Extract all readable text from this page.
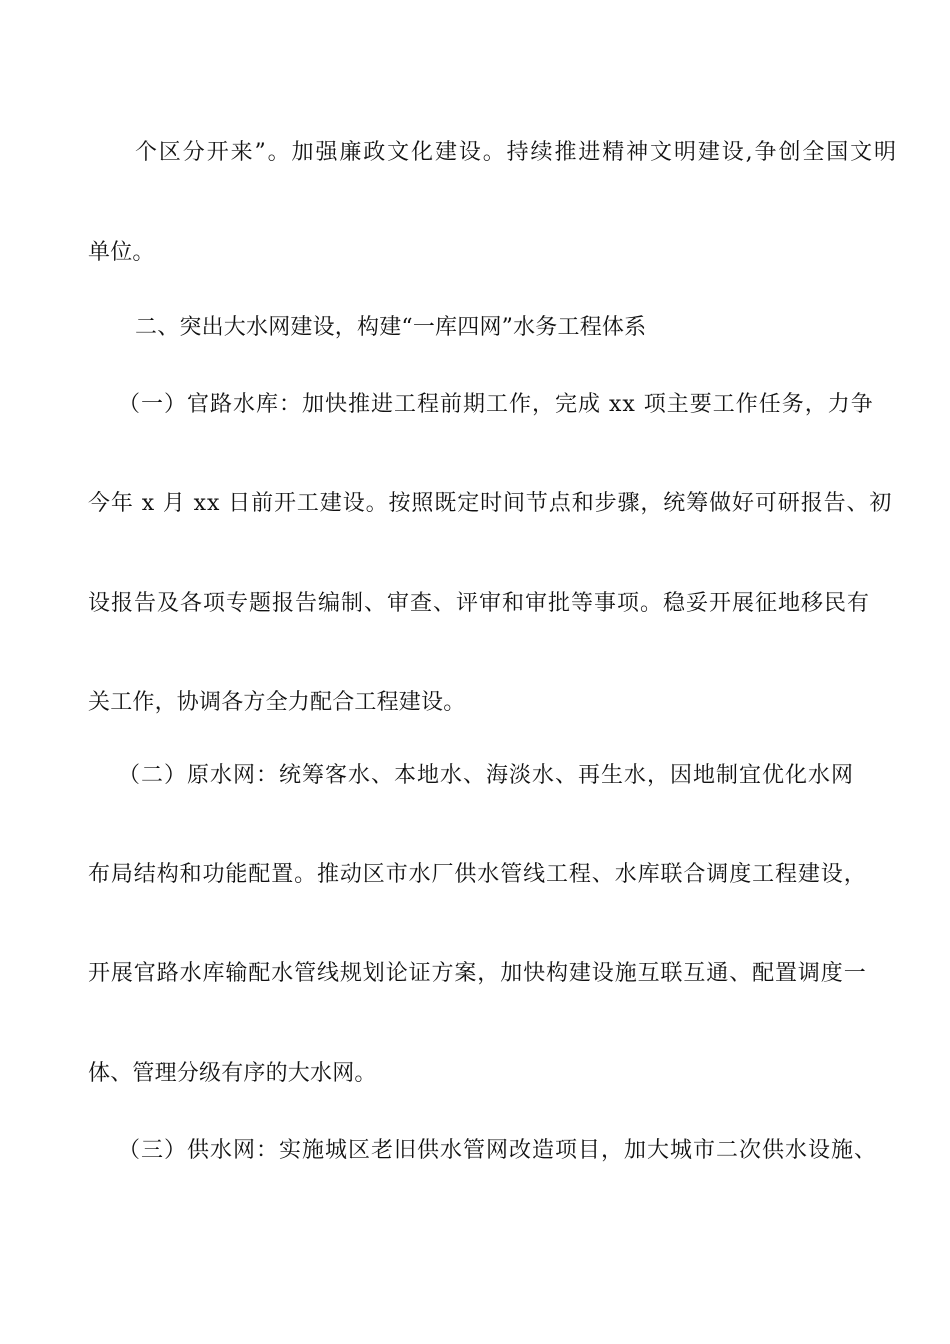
个区分开来”。加强廉政文化建设。持续推进精神文明建设,争创全国文明
单位。
二、突出大水网建设，构建“一库四网”水务工程体系
（一）官路水库：加快推进工程前期工作，完成 xx 项主要工作任务，力争
今年 x 月 xx 日前开工建设。按照既定时间节点和步骤，统筹做好可研报告、初
设报告及各项专题报告编制、审查、评审和审批等事项。稳妥开展征地移民有
关工作，协调各方全力配合工程建设。
（二）原水网：统筹客水、本地水、海淡水、再生水，因地制宜优化水网
布局结构和功能配置。推动区市水厂供水管线工程、水库联合调度工程建设，
开展官路水库输配水管线规划论证方案，加快构建设施互联互通、配置调度一
体、管理分级有序的大水网。
（三）供水网：实施城区老旧供水管网改造项目，加大城市二次供水设施、
